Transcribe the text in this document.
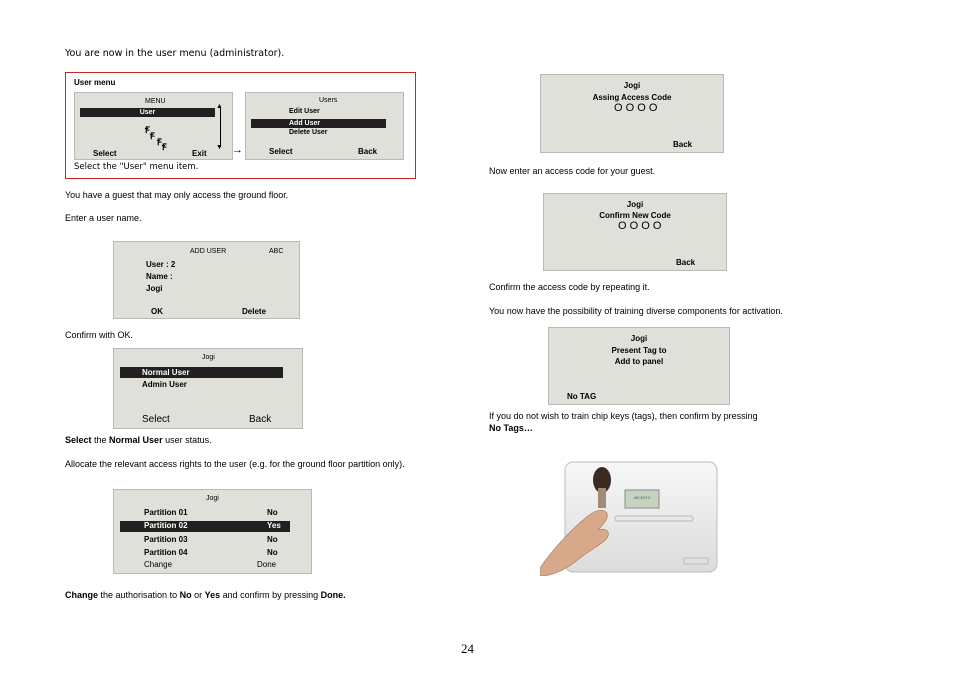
You are now in the user menu (administrator).
User menu
MENU
User
▲
▼
Ꞙ
Ꞙ
Ꞙ Ꞙ
Select	Exit →
Users
Edit User
Add User
Delete User
Select	Back
Select the "User" menu item.
You have a guest that may only access the ground floor.
Enter a user name.
ADD USER	ABC
User : 2
Name :
Jogi
OK	Delete
Confirm with OK.
Jogi
Normal User
Admin User
Select	Back
Select the Normal User user status.
Allocate the relevant access rights to the user (e.g. for the ground floor partition only).
Jogi
Partition 01	No
Partition 02	Yes
Partition 03	No
Partition 04	No
Change	Done
Change the authorisation to No or Yes and confirm by pressing Done.
Jogi
Assing Access Code
O O O O
Back
Now enter an access code for your guest.
Jogi
Confirm New Code
O O O O
Back
Confirm the access code by repeating it.
You now have the possibility of training diverse components for activation.
Jogi
Present Tag to
Add to panel
No TAG
If you do not wish to train chip keys (tags), then confirm by pressing
No Tags…
ABCDEFG
24
